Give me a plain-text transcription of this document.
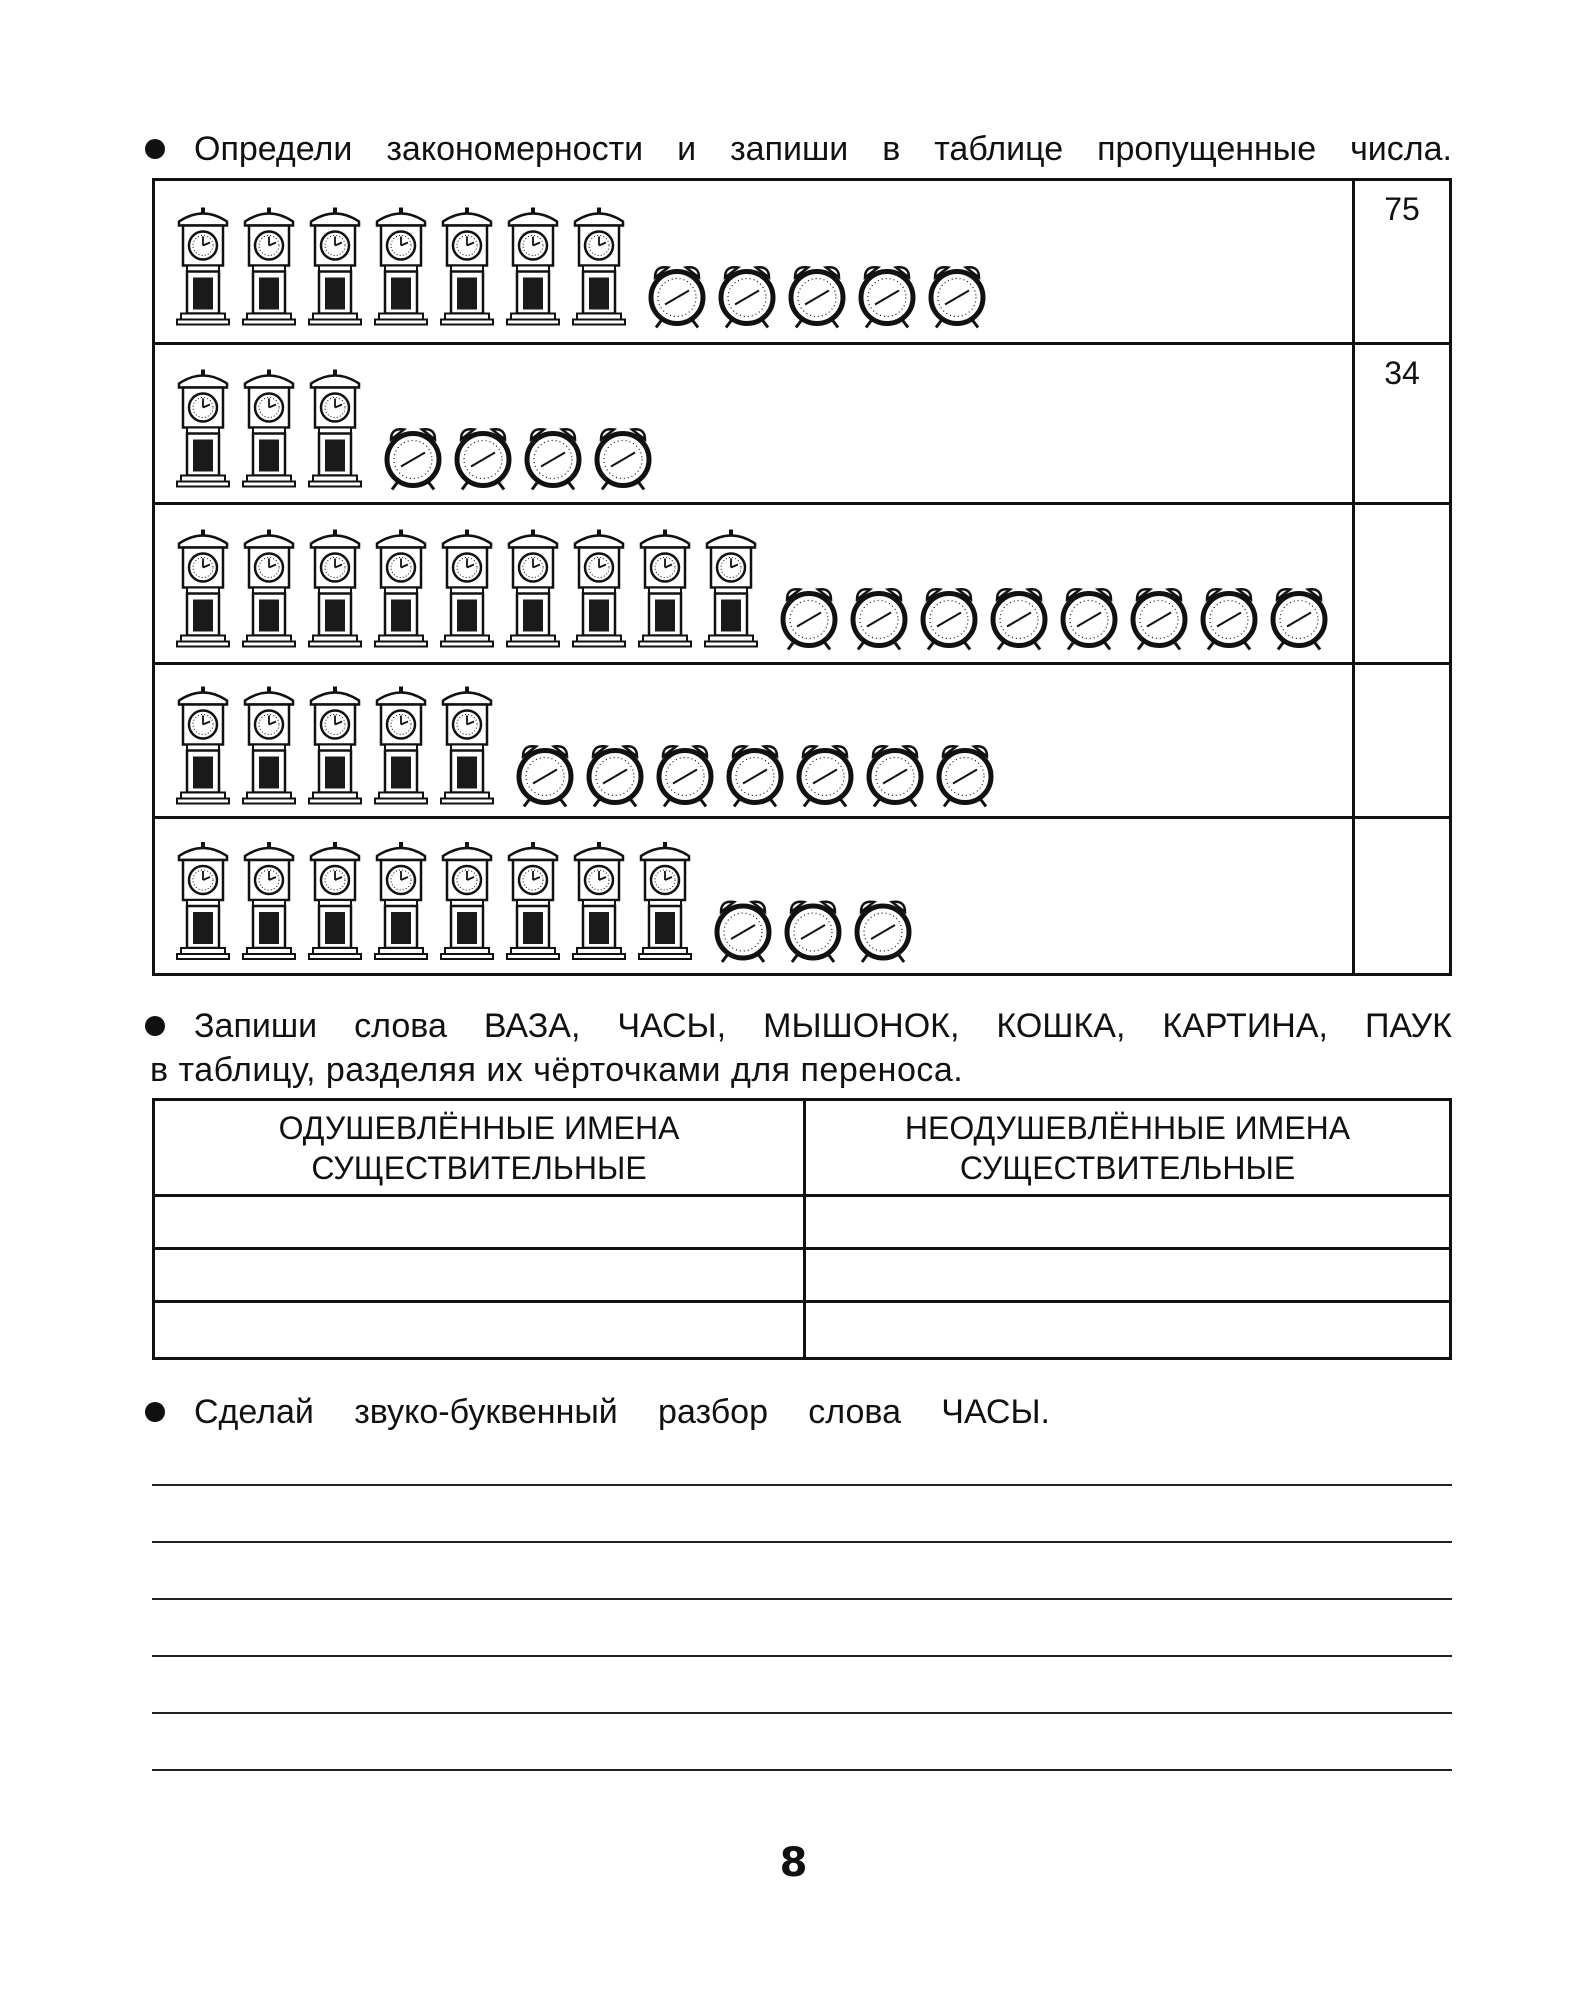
Определи закономерности и запиши в таблице пропущенные числа.
75
34
Запиши слова ВАЗА, ЧАСЫ, МЫШОНОК, КОШКА, КАРТИНА, ПАУК
в таблицу, разделяя их чёрточками для переноса.
ОДУШЕВЛЁННЫЕ ИМЕНА
СУЩЕСТВИТЕЛЬНЫЕ
НЕОДУШЕВЛЁННЫЕ ИМЕНА
СУЩЕСТВИТЕЛЬНЫЕ
Сделай звуко-буквенный разбор слова ЧАСЫ.
8
